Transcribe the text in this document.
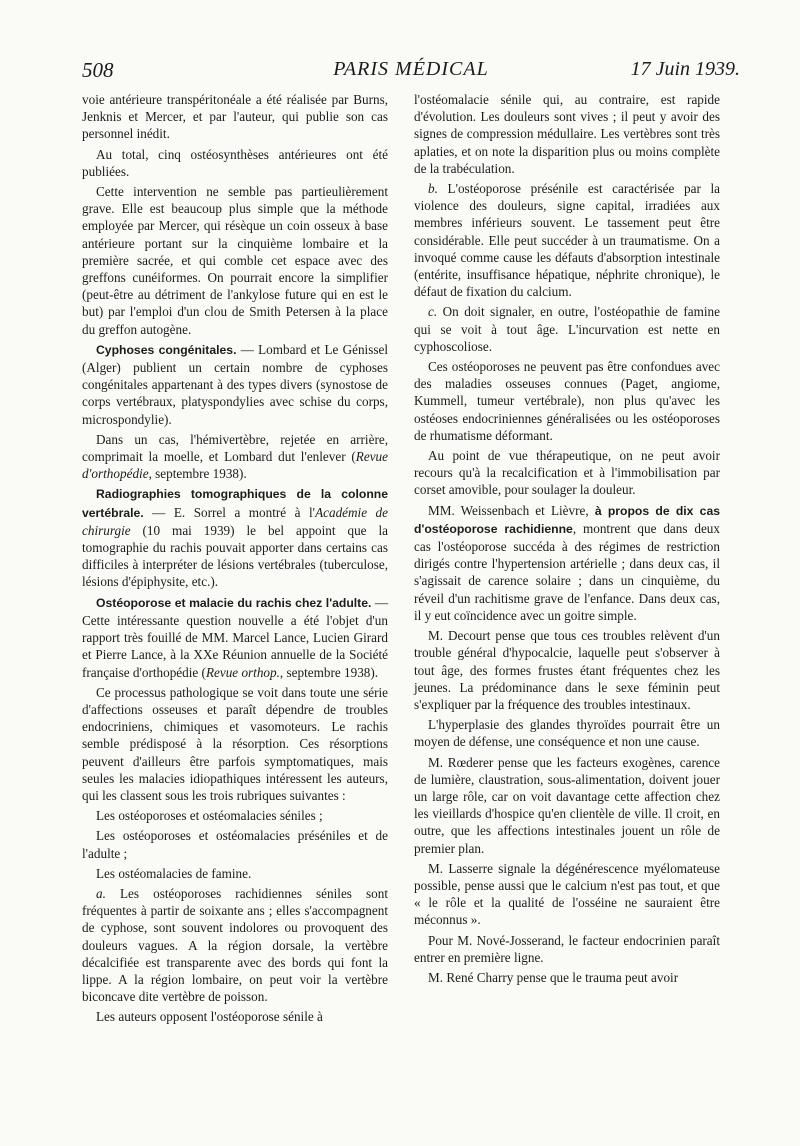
508	PARIS MÉDICAL	17 Juin 1939.

voie antérieure transpéritonéale a été réalisée par Burns, Jenknis et Mercer, et par l'auteur, qui publie son cas personnel inédit.

Au total, cinq ostéosynthèses antérieures ont été publiées.

Cette intervention ne semble pas partieulièrement grave. Elle est beaucoup plus simple que la méthode employée par Mercer, qui résèque un coin osseux à base antérieure portant sur la cinquième lombaire et la première sacrée, et qui comble cet espace avec des greffons cunéiformes. On pourrait encore la simplifier (peut-être au détriment de l'ankylose future qui en est le but) par l'emploi d'un clou de Smith Petersen à la place du greffon autogène.

Cyphoses congénitales. — Lombard et Le Génissel (Alger) publient un certain nombre de cyphoses congénitales appartenant à des types divers (synostose de corps vertébraux, platyspondylies avec schise du corps, microspondylie).

Dans un cas, l'hémivertèbre, rejetée en arrière, comprimait la moelle, et Lombard dut l'enlever (Revue d'orthopédie, septembre 1938).

Radiographies tomographiques de la colonne vertébrale. — E. Sorrel a montré à l'Académie de chirurgie (10 mai 1939) le bel appoint que la tomographie du rachis pouvait apporter dans certains cas difficiles à interpréter de lésions vertébrales (tuberculose, lésions d'épiphysite, etc.).

Ostéoporose et malacie du rachis chez l'adulte. — Cette intéressante question nouvelle a été l'objet d'un rapport très fouillé de MM. Marcel Lance, Lucien Girard et Pierre Lance, à la XXe Réunion annuelle de la Société française d'orthopédie (Revue orthop., septembre 1938).

Ce processus pathologique se voit dans toute une série d'affections osseuses et paraît dépendre de troubles endocriniens, chimiques et vasomoteurs. Le rachis semble prédisposé à la résorption. Ces résorptions peuvent d'ailleurs être parfois symptomatiques, mais seules les malacies idiopathiques intéressent les auteurs, qui les classent sous les trois rubriques suivantes :

Les ostéoporoses et ostéomalacies séniles ;

Les ostéoporoses et ostéomalacies préséniles et de l'adulte ;

Les ostéomalacies de famine.

a. Les ostéoporoses rachidiennes séniles sont fréquentes à partir de soixante ans ; elles s'accompagnent de cyphose, sont souvent indolores ou provoquent des douleurs vagues. A la région dorsale, la vertèbre décalcifiée est transparente avec des bords qui font la lippe. A la région lombaire, on peut voir la vertèbre biconcave dite vertèbre de poisson.

Les auteurs opposent l'ostéoporose sénile à

l'ostéomalacie sénile qui, au contraire, est rapide d'évolution. Les douleurs sont vives ; il peut y avoir des signes de compression médullaire. Les vertèbres sont très aplaties, et on note la disparition plus ou moins complète de la trabéculation.

b. L'ostéoporose présénile est caractérisée par la violence des douleurs, signe capital, irradiées aux membres inférieurs souvent. Le tassement peut être considérable. Elle peut succéder à un traumatisme. On a invoqué comme cause les défauts d'absorption intestinale (entérite, insuffisance hépatique, néphrite chronique), le défaut de fixation du calcium.

c. On doit signaler, en outre, l'ostéopathie de famine qui se voit à tout âge. L'incurvation est nette en cyphoscoliose.

Ces ostéoporoses ne peuvent pas être confondues avec des maladies osseuses connues (Paget, angiome, Kummell, tumeur vertébrale), non plus qu'avec les ostéoses endocriniennes généralisées ou les ostéoporoses de rhumatisme déformant.

Au point de vue thérapeutique, on ne peut avoir recours qu'à la recalcification et à l'immobilisation par corset amovible, pour soulager la douleur.

MM. Weissenbach et Lièvre, à propos de dix cas d'ostéoporose rachidienne, montrent que dans deux cas l'ostéoporose succéda à des régimes de restriction dirigés contre l'hypertension artérielle ; dans deux cas, il s'agissait de carence solaire ; dans un cinquième, du réveil d'un rachitisme grave de l'enfance. Dans deux cas, il y eut coïncidence avec un goitre simple.

M. Decourt pense que tous ces troubles relèvent d'un trouble général d'hypocalcie, laquelle peut s'observer à tout âge, des formes frustes étant fréquentes chez les jeunes. La prédominance dans le sexe féminin peut s'expliquer par la fréquence des troubles intestinaux.

L'hyperplasie des glandes thyroïdes pourrait être un moyen de défense, une conséquence et non une cause.

M. Rœderer pense que les facteurs exogènes, carence de lumière, claustration, sous-alimentation, doivent jouer un large rôle, car on voit davantage cette affection chez les vieillards d'hospice qu'en clientèle de ville. Il croit, en outre, que les affections intestinales jouent un rôle de premier plan.

M. Lasserre signale la dégénérescence myélomateuse possible, pense aussi que le calcium n'est pas tout, et que « le rôle et la qualité de l'osséine ne sauraient être méconnus ».

Pour M. Nové-Josserand, le facteur endocrinien paraît entrer en première ligne.

M. René Charry pense que le trauma peut avoir
